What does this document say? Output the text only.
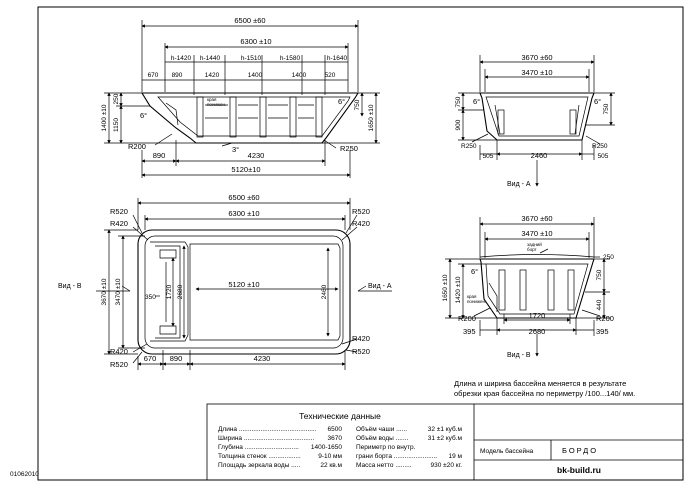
6500 ±60
6300 ±10
h-1420 h-1440	h-1510	h-1580	h-1640
670 890	1420	1400	1400	520
1400 ±10 1150
250
1650 ±10
750
6°
6°
3°
R200	R250
края понижен.
890	4230
5120±10
3670 ±60
3470 ±10
750
900
750
6°	6°
R250	R250
2460
505	505
Вид - А
6500 ±60
6300 ±10
R520
R420
R520
R420
R420
R520
R420
R520
3670 ±10 3470 ±10	5120 ±10
350 1720 2680	2460
670 890	4230
Вид - В	Вид - А
3670 ±60
3470 ±10
задний борт
250
1650 ±10 1420 ±10
750
440
6°
края понижен.
R200	R200
1720
2680
395	395
Вид - В
Длина и ширина бассейна меняется в результате
обрезки края бассейна по периметру /100...140/ мм.
Технические данные
Длина ........................................... 6500
Ширина ....................................... 3670
Глубина .............................. 1400-1650
Толщина стенок ..................	9-10 мм
Площадь зеркала воды .....	22 кв.м
Объём чаши ......	32 ±1 куб.м
Объём воды .......	31 ±2 куб.м
Периметр по внутр.
грани борта ........................ 19 м
Масса нетто .........	930 ±20 кг.
Модель бассейна	БОРДО
bk-build.ru
01062010
